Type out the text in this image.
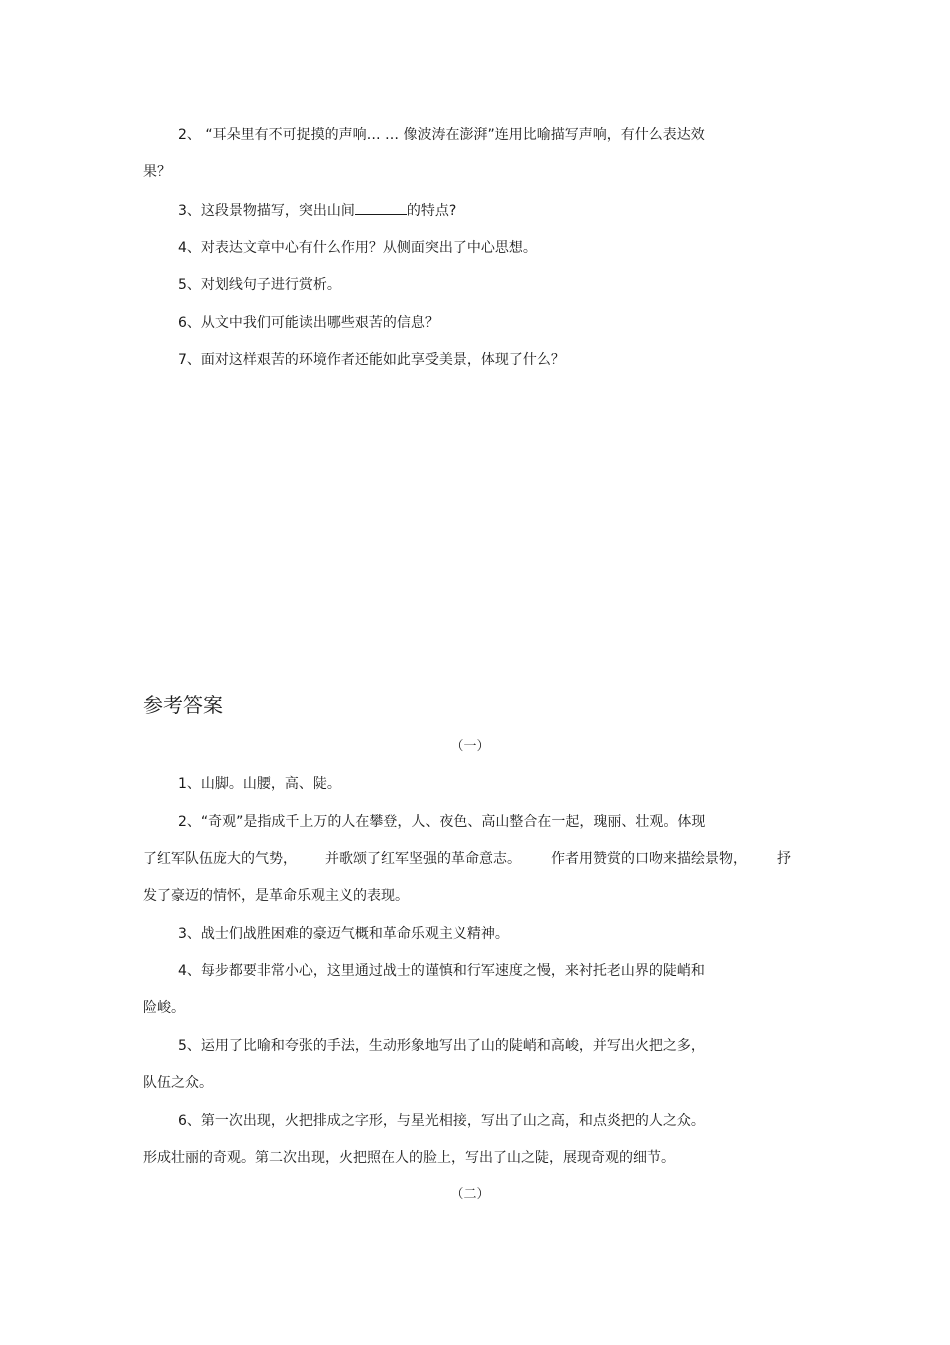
2、 “耳朵里有不可捉摸的声响… … 像波涛在澎湃”连用比喻描写声响，有什么表达效

果？

3、这段景物描写，突出山间	的特点?

4、对表达文章中心有什么作用？从侧面突出了中心思想。

5、对划线句子进行赏析。

6、从文中我们可能读出哪些艰苦的信息？

7、面对这样艰苦的环境作者还能如此享受美景，体现了什么？

参考答案
（一）

1、山脚。山腰，高、陡。

2、“奇观”是指成千上万的人在攀登，人、夜色、高山整合在一起，瑰丽、壮观。体现

了红军队伍庞大的气势， 并歌颂了红军坚强的革命意志。 作者用赞赏的口吻来描绘景物， 抒

发了豪迈的情怀，是革命乐观主义的表现。

3、战士们战胜困难的豪迈气概和革命乐观主义精神。

4、每步都要非常小心，这里通过战士的谨慎和行军速度之慢，来衬托老山界的陡峭和

险峻。

5、运用了比喻和夸张的手法，生动形象地写出了山的陡峭和高峻，并写出火把之多，

队伍之众。

6、第一次出现，火把排成之字形，与星光相接，写出了山之高，和点炎把的人之众。

形成壮丽的奇观。第二次出现，火把照在人的脸上，写出了山之陡，展现奇观的细节。

（二）
